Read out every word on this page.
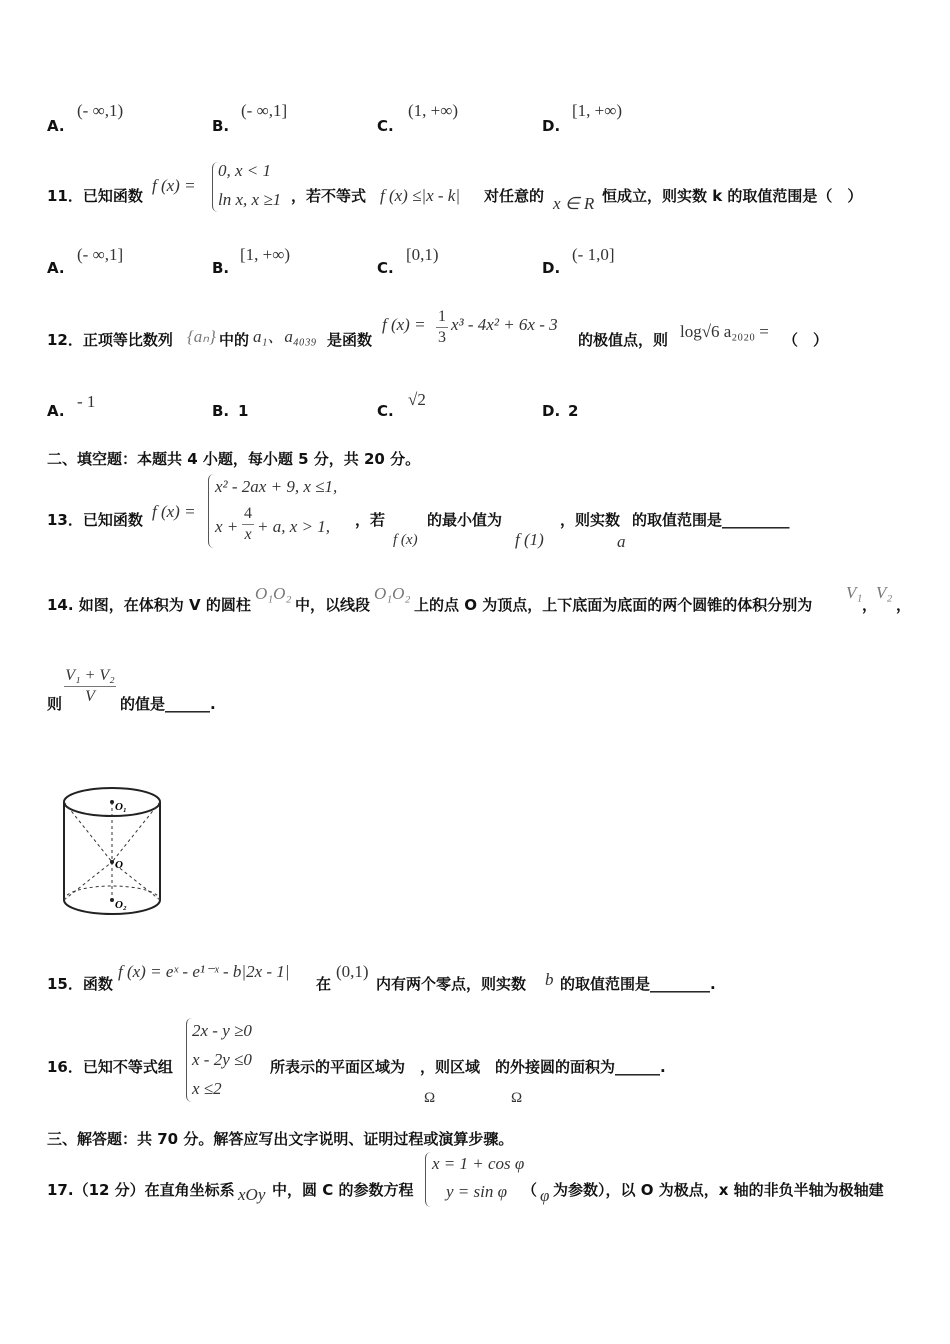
A.
(- ∞,1)
B.
(- ∞,1]
C.
(1, +∞)
D.
[1, +∞)
11．已知函数
f (x) =
0, x < 1
ln x, x ≥1 ，若不等式 f (x) ≤|x - k| 对任意的 x ∈ R 恒成立，则实数 k 的取值范围是（　）
A.
(- ∞,1]
B.
[1, +∞)
C.
[0,1)
D.
(- 1,0]
12．正项等比数列 {aₙ} 中的 a₁、a₄₀₃₉ 是函数
f (x) = 1
3
x³ - 4x² + 6x - 3
的极值点，则 log√6 a₂₀₂₀ = （　）
A. - 1	B. 1	C.
√2
D. 2
二、填空题：本题共 4 小题，每小题 5 分，共 20 分。
13．已知函数 f (x) =
x² - 2ax + 9, x ≤1,
x +
4
x + a, x > 1, ，若
f (x)
的最小值为
f (1)
，则实数
a
的取值范围是_________
14. 如图，在体积为 V 的圆柱
O₁O₂
中，以线段
O₁O₂
上的点 O 为顶点，上下底面为底面的两个圆锥的体积分别为
V₁
，
V₂
，
则
V₁ + V₂
V	的值是______.
O₁
O
O₂
15．函数
f (x) = eˣ - e¹⁻ˣ - b|2x - 1|
在
(0,1)
内有两个零点，则实数 b 的取值范围是________.
16．已知不等式组
2x - y ≥0
x - 2y ≤0
x ≤2
所表示的平面区域为　，则区域　的外接圆的面积为______.
Ω	Ω
三、解答题：共 70 分。解答应写出文字说明、证明过程或演算步骤。
17.（12 分）在直角坐标系 xOy 中，圆 C 的参数方程
x = 1 + cos φ
y = sin φ （ φ 为参数），以 O 为极点，x 轴的非负半轴为极轴建
